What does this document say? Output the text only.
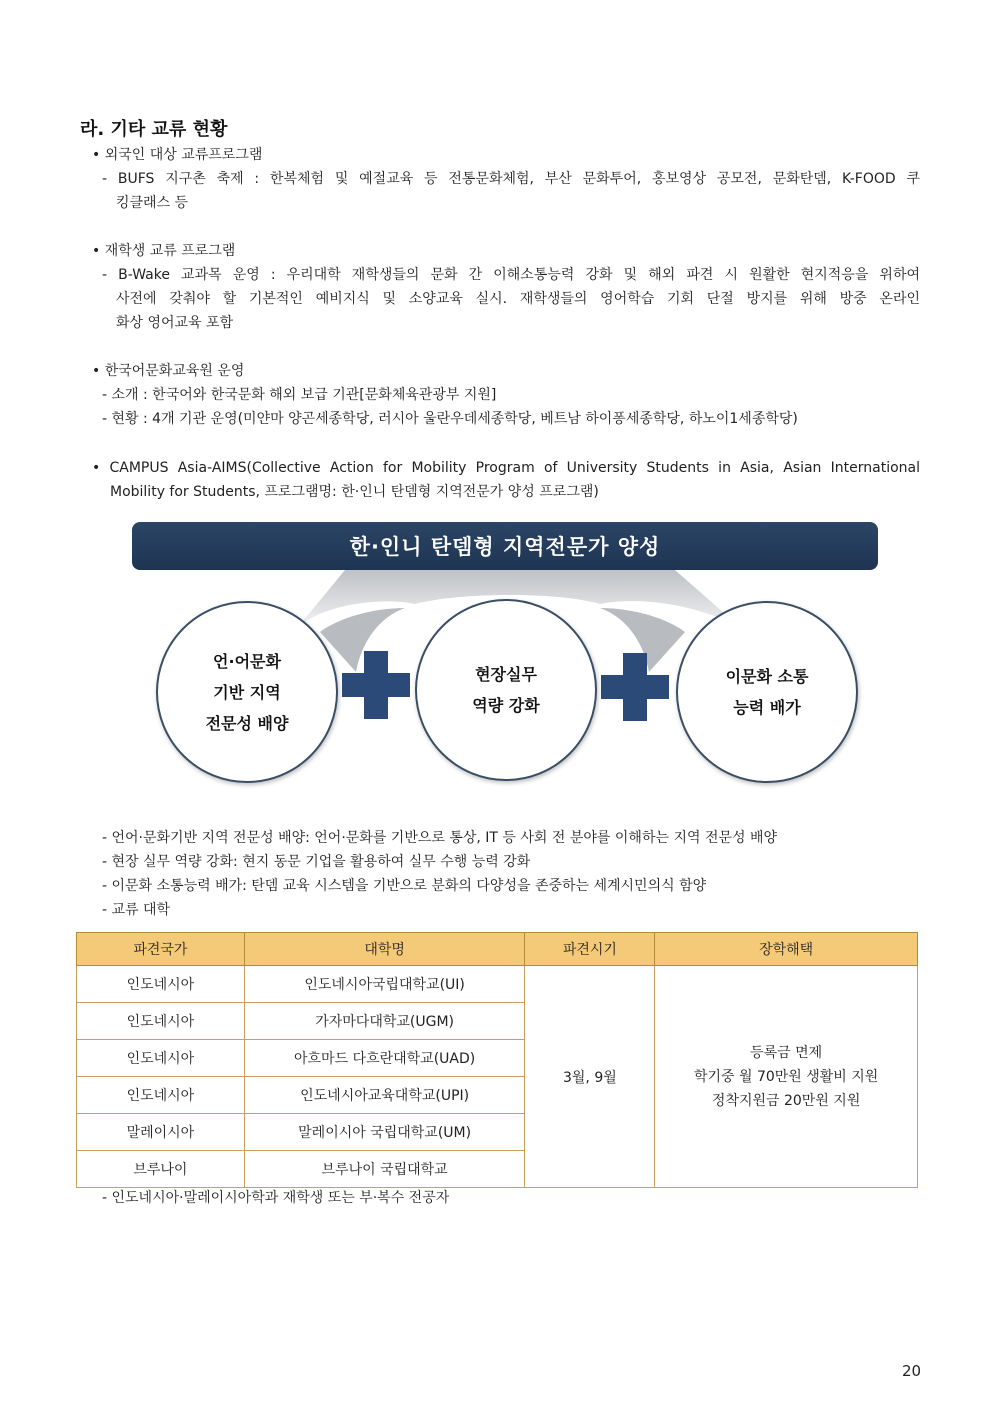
라. 기타 교류 현황
• 외국인 대상 교류프로그램
- BUFS 지구촌 축제 : 한복체험 및 예절교육 등 전통문화체험, 부산 문화투어, 홍보영상 공모전, 문화탄뎀, K-FOOD 쿠
킹클래스 등
• 재학생 교류 프로그램
- B-Wake 교과목 운영 : 우리대학 재학생들의 문화 간 이해소통능력 강화 및 해외 파견 시 원활한 현지적응을 위하여
사전에 갖춰야 할 기본적인 예비지식 및 소양교육 실시. 재학생들의 영어학습 기회 단절 방지를 위해 방중 온라인
화상 영어교육 포함
• 한국어문화교육원 운영
- 소개 : 한국어와 한국문화 해외 보급 기관[문화체육관광부 지원]
- 현황 : 4개 기관 운영(미얀마 양곤세종학당, 러시아 울란우데세종학당, 베트남 하이퐁세종학당, 하노이1세종학당)
• CAMPUS Asia-AIMS(Collective Action for Mobility Program of University Students in Asia, Asian International
Mobility for Students, 프로그램명: 한·인니 탄뎀형 지역전문가 양성 프로그램)
한·인니 탄뎀형 지역전문가 양성
언·어문화
기반 지역
전문성 배양
현장실무
역량 강화
이문화 소통
능력 배가
- 언어·문화기반 지역 전문성 배양: 언어·문화를 기반으로 통상, IT 등 사회 전 분야를 이해하는 지역 전문성 배양
- 현장 실무 역량 강화: 현지 동문 기업을 활용하여 실무 수행 능력 강화
- 이문화 소통능력 배가: 탄뎀 교육 시스템을 기반으로 분화의 다양성을 존중하는 세계시민의식 함양
- 교류 대학
파견국가	대학명	파견시기	장학해택
인도네시아	인도네시아국립대학교(UI)	3월, 9월	등록금 면제
학기중 월 70만원 생활비 지원
정착지원금 20만원 지원

인도네시아	가자마다대학교(UGM)		
인도네시아	아흐마드 다흐란대학교(UAD)		
인도네시아	인도네시아교육대학교(UPI)		
말레이시아	말레이시아 국립대학교(UM)		
브루나이	브루나이 국립대학교		
- 인도네시아·말레이시아학과 재학생 또는 부·복수 전공자
20
